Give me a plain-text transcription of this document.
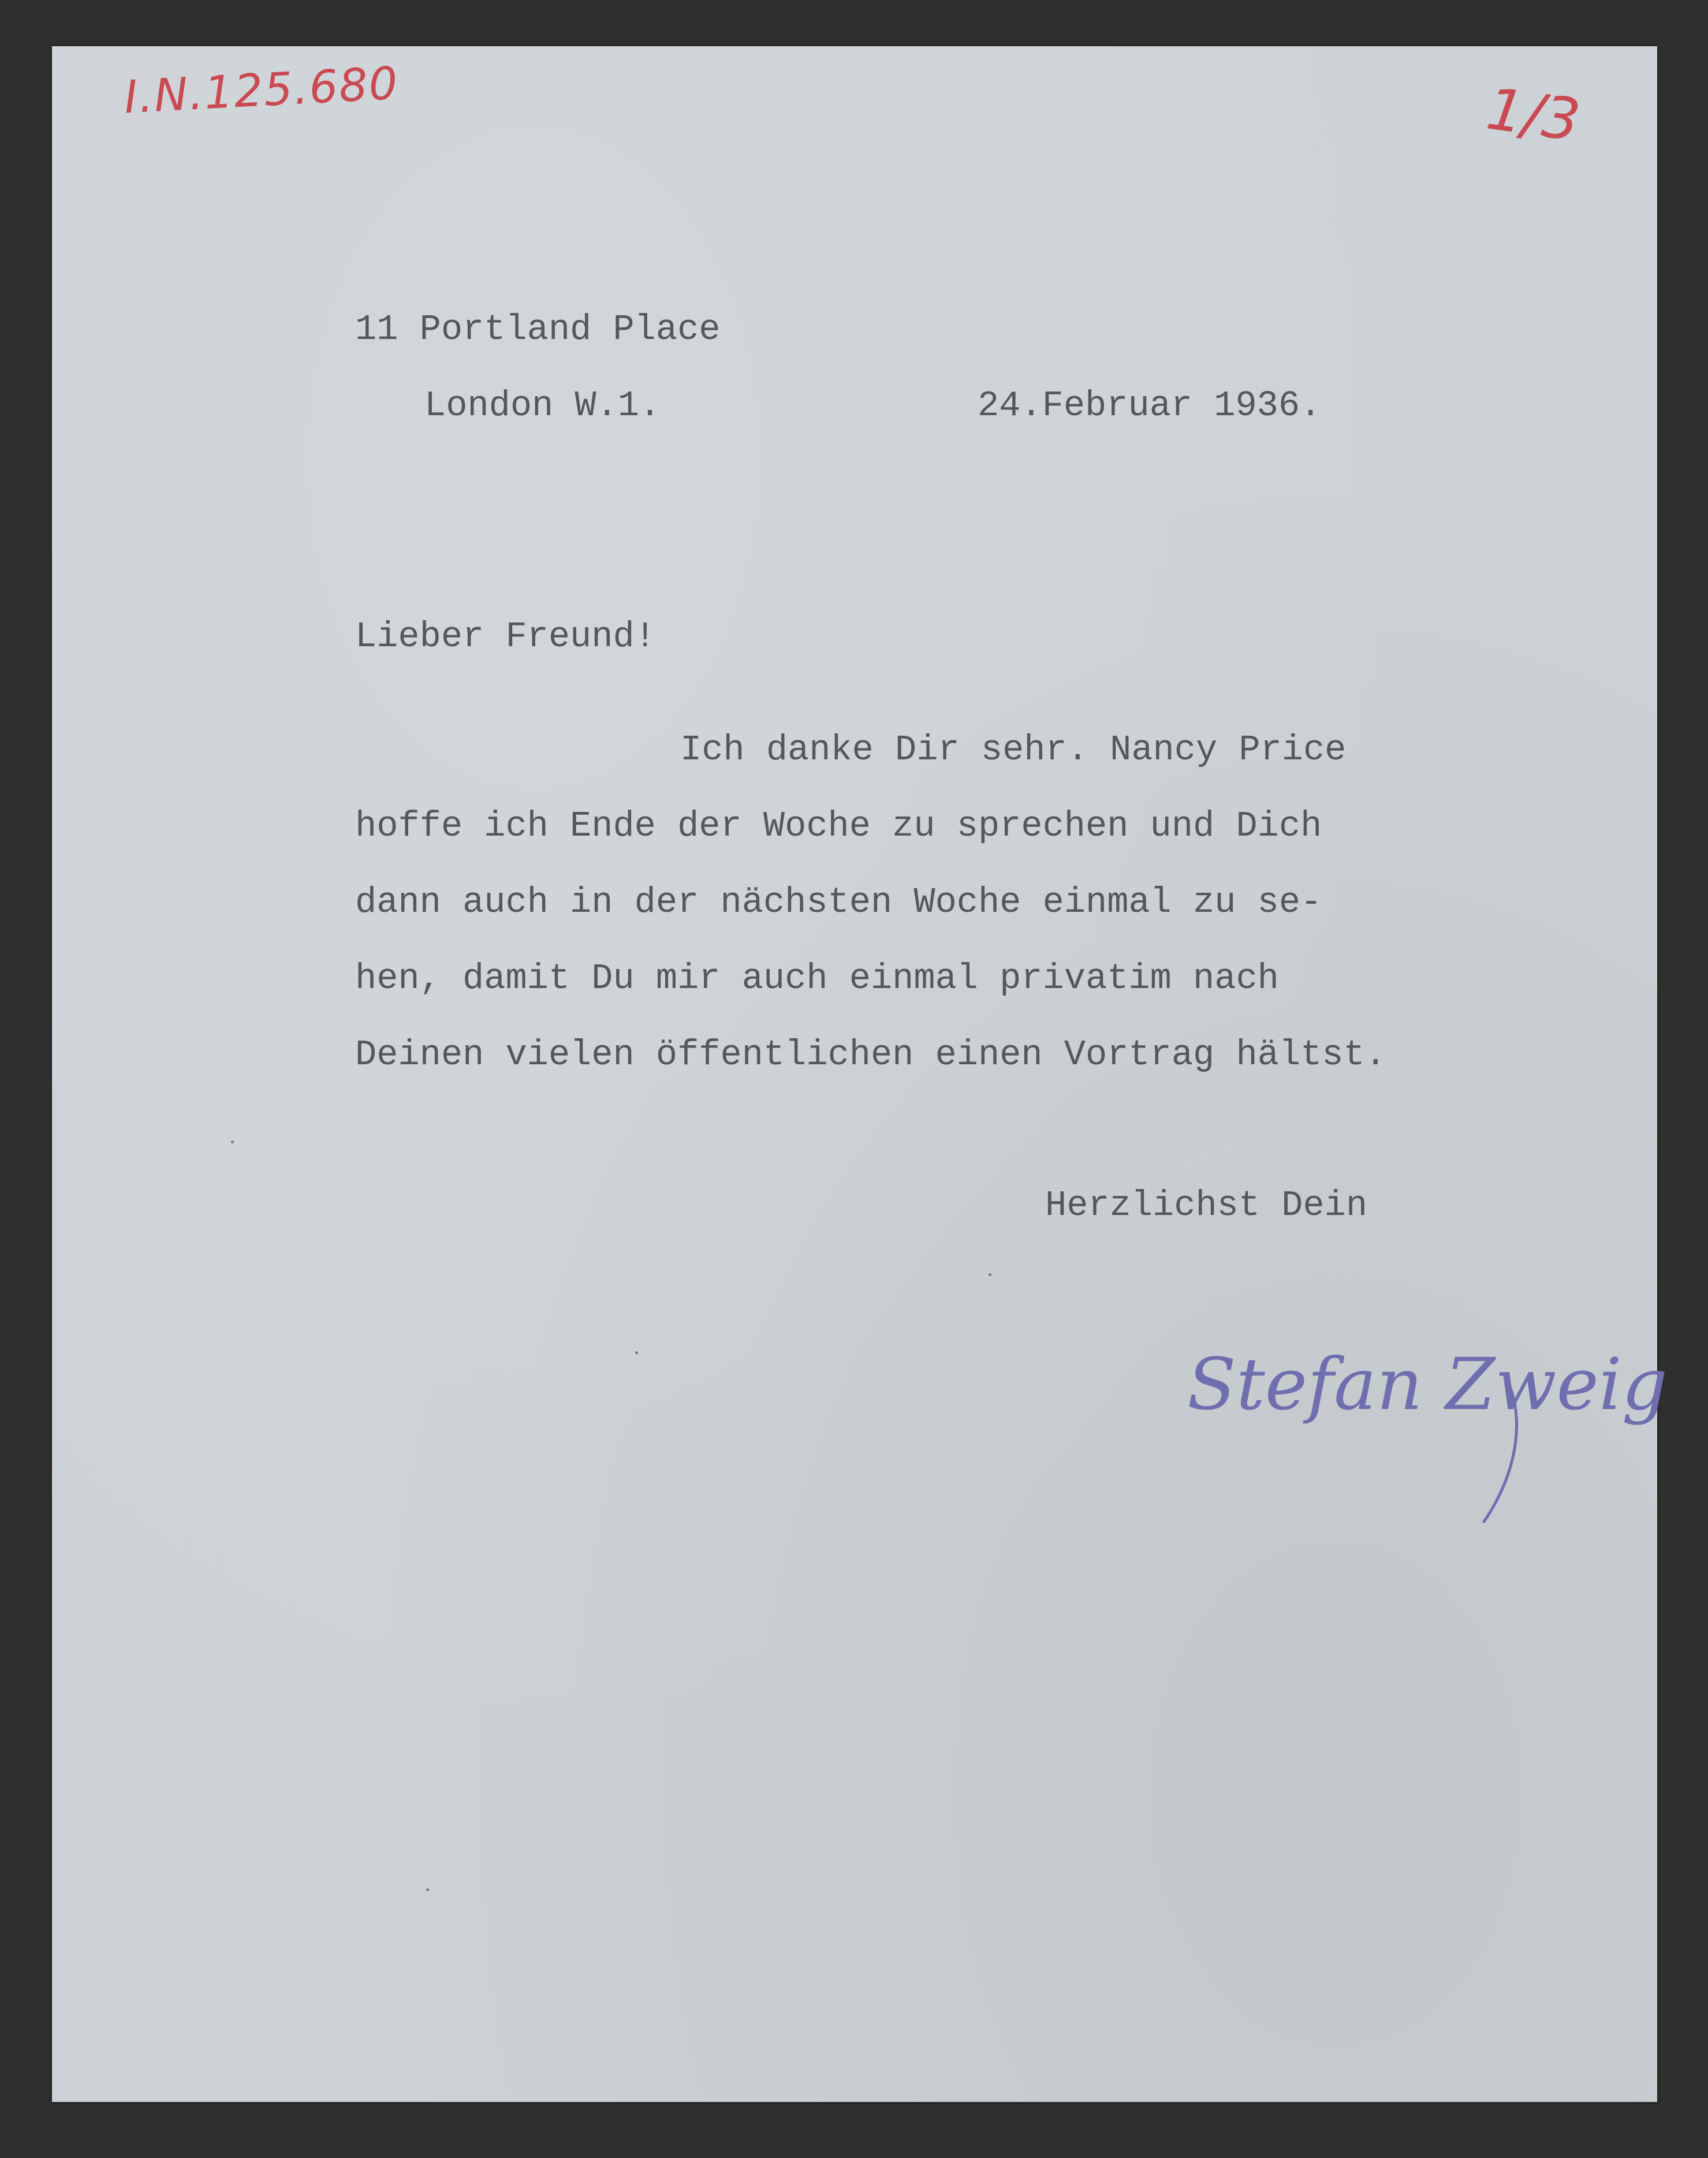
I.N.125.680	1/3
11 Portland Place
London W.1.	24.Februar 1936.
Lieber Freund!
Ich danke Dir sehr. Nancy Price
hoffe ich Ende der Woche zu sprechen und Dich
dann auch in der nächsten Woche einmal zu se-
hen, damit Du mir auch einmal privatim nach
Deinen vielen öffentlichen einen Vortrag hältst.
Herzlichst Dein
Stefan Zweig
